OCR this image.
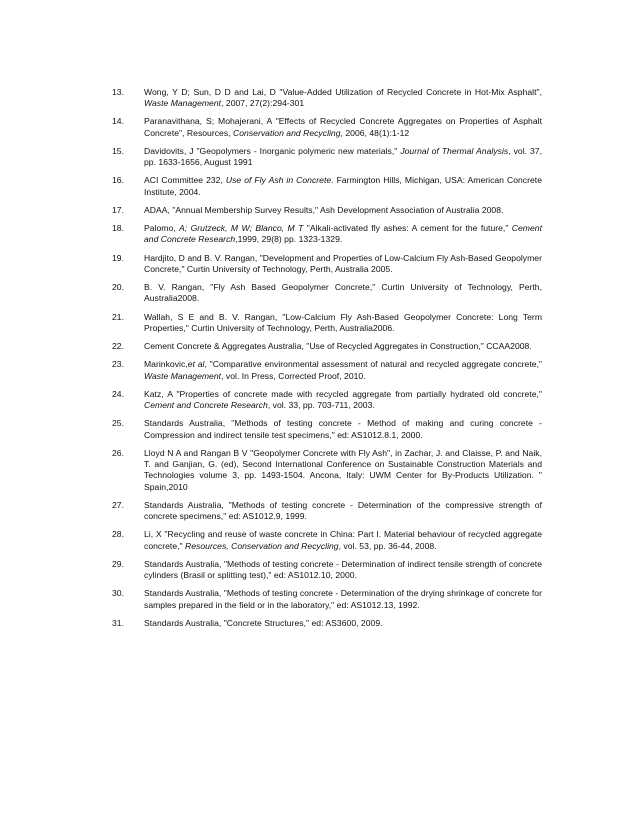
13.	Wong, Y D; Sun, D D and Lai, D "Value-Added Utilization of Recycled Concrete in Hot-Mix Asphalt", Waste Management, 2007, 27(2):294-301
14.	Paranavithana, S; Mohajerani, A "Effects of Recycled Concrete Aggregates on Properties of Asphalt Concrete", Resources, Conservation and Recycling, 2006, 48(1):1-12
15.	Davidovits, J "Geopolymers - Inorganic polymeric new materials," Journal of Thermal Analysis, vol. 37, pp. 1633-1656, August 1991
16.	ACI Committee 232, Use of Fly Ash in Concrete. Farmington Hills, Michigan, USA: American Concrete Institute, 2004.
17.	ADAA, "Annual Membership Survey Results," Ash Development Association of Australia 2008.
18.	Palomo, A; Grutzeck, M W; Blanco, M T "Alkali-activated fly ashes: A cement for the future," Cement and Concrete Research,1999, 29(8) pp. 1323-1329.
19.	Hardjito, D and B. V. Rangan, "Development and Properties of Low-Calcium Fly Ash-Based Geopolymer Concrete," Curtin University of Technology, Perth, Australia 2005.
20.	B. V. Rangan, "Fly Ash Based Geopolymer Concrete," Curtin University of Technology, Perth, Australia2008.
21.	Wallah, S E and B. V. Rangan, "Low-Calcium Fly Ash-Based Geopolymer Concrete: Long Term Properties," Curtin University of Technology, Perth, Australia2006.
22.	Cement Concrete & Aggregates Australia, "Use of Recycled Aggregates in Construction," CCAA2008.
23.	Marinkovic,et al, "Comparative environmental assessment of natural and recycled aggregate concrete," Waste Management, vol. In Press, Corrected Proof, 2010.
24.	Katz, A "Properties of concrete made with recycled aggregate from partially hydrated old concrete," Cement and Concrete Research, vol. 33, pp. 703-711, 2003.
25.	Standards Australia, "Methods of testing concrete - Method of making and curing concrete - Compression and indirect tensile test specimens," ed: AS1012.8.1, 2000.
26.	Lloyd N A and Rangan B V "Geopolymer Concrete with Fly Ash", in Zachar, J. and Claisse, P. and Naik, T. and Ganjian, G. (ed), Second International Conference on Sustainable Construction Materials and Technologies volume 3, pp. 1493-1504. Ancona, Italy: UWM Center for By-Products Utilization. " Spain,2010
27.	Standards Australia, "Methods of testing concrete - Determination of the compressive strength of concrete specimens," ed: AS1012.9, 1999.
28.	Li, X "Recycling and reuse of waste concrete in China: Part I. Material behaviour of recycled aggregate concrete," Resources, Conservation and Recycling, vol. 53, pp. 36-44, 2008.
29.	Standards Australia, "Methods of testing concrete - Determination of indirect tensile strength of concrete cylinders (Brasil or splitting test)," ed: AS1012.10, 2000.
30.	Standards Australia, "Methods of testing concrete - Determination of the drying shrinkage of concrete for samples prepared in the field or in the laboratory," ed: AS1012.13, 1992.
31.	Standards Australia, "Concrete Structures," ed: AS3600, 2009.
